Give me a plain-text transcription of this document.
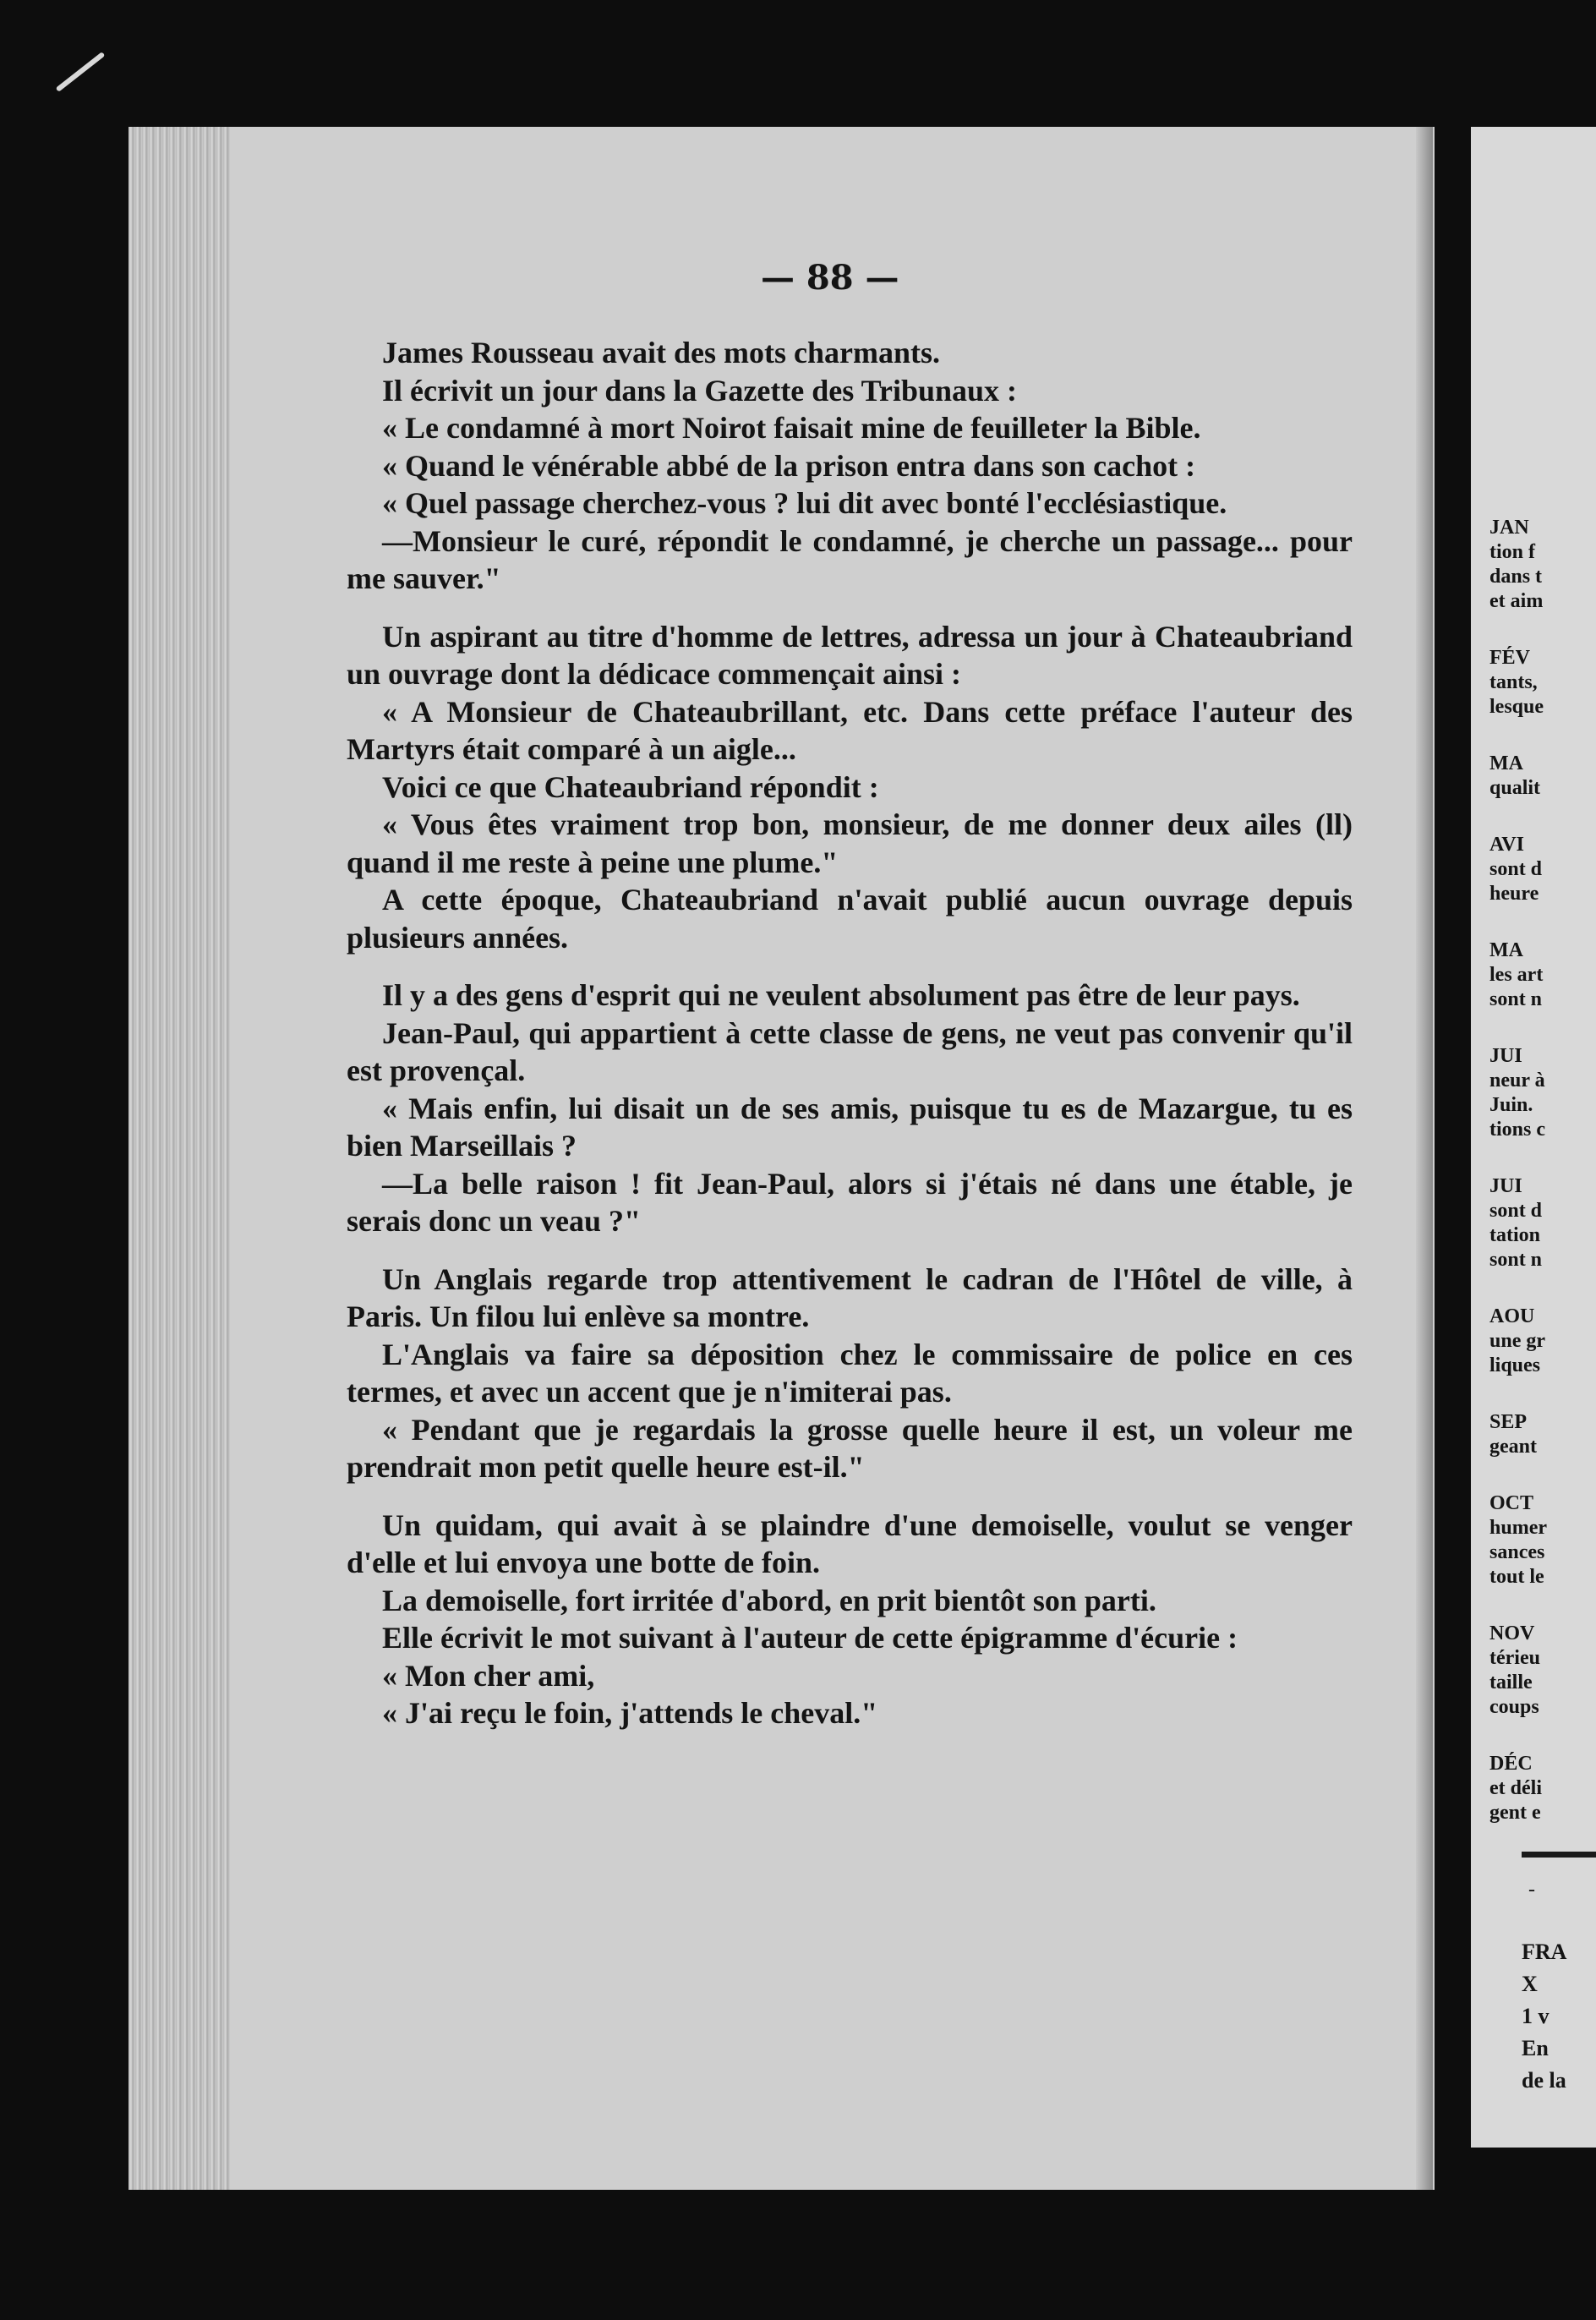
— 88 —

James Rousseau avait des mots charmants.

Il écrivit un jour dans la Gazette des Tribunaux :

« Le condamné à mort Noirot faisait mine de feuilleter la Bible.

« Quand le vénérable abbé de la prison entra dans son cachot :

« Quel passage cherchez-vous ? lui dit avec bonté l'ecclésiastique.

—Monsieur le curé, répondit le condamné, je cherche un passage... pour me sauver."

Un aspirant au titre d'homme de lettres, adressa un jour à Chateaubriand un ouvrage dont la dédicace commençait ainsi :

« A Monsieur de Chateaubrillant, etc. Dans cette préface l'auteur des Martyrs était comparé à un aigle...

Voici ce que Chateaubriand répondit :

« Vous êtes vraiment trop bon, monsieur, de me donner deux ailes (ll) quand il me reste à peine une plume."

A cette époque, Chateaubriand n'avait publié aucun ouvrage depuis plusieurs années.

Il y a des gens d'esprit qui ne veulent absolument pas être de leur pays.

Jean-Paul, qui appartient à cette classe de gens, ne veut pas convenir qu'il est provençal.

« Mais enfin, lui disait un de ses amis, puisque tu es de Mazargue, tu es bien Marseillais ?

—La belle raison ! fit Jean-Paul, alors si j'étais né dans une étable, je serais donc un veau ?"

Un Anglais regarde trop attentivement le cadran de l'Hôtel de ville, à Paris. Un filou lui enlève sa montre.

L'Anglais va faire sa déposition chez le commissaire de police en ces termes, et avec un accent que je n'imiterai pas.

« Pendant que je regardais la grosse quelle heure il est, un voleur me prendrait mon petit quelle heure est-il."

Un quidam, qui avait à se plaindre d'une demoiselle, voulut se venger d'elle et lui envoya une botte de foin.

La demoiselle, fort irritée d'abord, en prit bientôt son parti.

Elle écrivit le mot suivant à l'auteur de cette épigramme d'écurie :

« Mon cher ami,

« J'ai reçu le foin, j'attends le cheval."

JAN
tion f
dans t
et aim
FÉV
tants,
lesque
MA
qualit
AVI
sont d
heure
MA
les art
sont n
JUI
neur à
Juin.
tions c
JUI
sont d
tation
sont n
AOU
une gr
liques
SEP
geant
OCT
humer
sances
tout le
NOV
térieu
taille
coups
DÉC
et déli
gent e
-
FRA
X
1 v
En
de la
